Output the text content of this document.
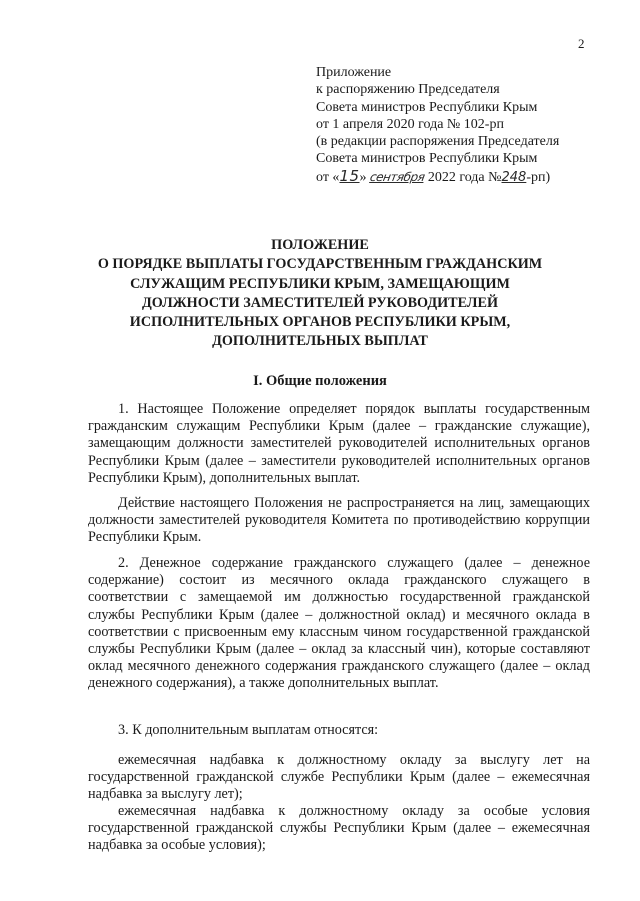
2
Приложение
к распоряжению Председателя
Совета министров Республики Крым
от 1 апреля 2020 года № 102-рп
(в редакции распоряжения Председателя
Совета министров Республики Крым
от «15» сентября 2022 года №248-рп)
ПОЛОЖЕНИЕ
О ПОРЯДКЕ ВЫПЛАТЫ ГОСУДАРСТВЕННЫМ ГРАЖДАНСКИМ
СЛУЖАЩИМ РЕСПУБЛИКИ КРЫМ, ЗАМЕЩАЮЩИМ
ДОЛЖНОСТИ ЗАМЕСТИТЕЛЕЙ РУКОВОДИТЕЛЕЙ
ИСПОЛНИТЕЛЬНЫХ ОРГАНОВ РЕСПУБЛИКИ КРЫМ,
ДОПОЛНИТЕЛЬНЫХ ВЫПЛАТ
I. Общие положения
1. Настоящее Положение определяет порядок выплаты государственным гражданским служащим Республики Крым (далее – гражданские служащие), замещающим должности заместителей руководителей исполнительных органов Республики Крым (далее – заместители руководителей исполнительных органов Республики Крым), дополнительных выплат.
Действие настоящего Положения не распространяется на лиц, замещающих должности заместителей руководителя Комитета по противодействию коррупции Республики Крым.
2. Денежное содержание гражданского служащего (далее – денежное содержание) состоит из месячного оклада гражданского служащего в соответствии с замещаемой им должностью государственной гражданской службы Республики Крым (далее – должностной оклад) и месячного оклада в соответствии с присвоенным ему классным чином государственной гражданской службы Республики Крым (далее – оклад за классный чин), которые составляют оклад месячного денежного содержания гражданского служащего (далее – оклад денежного содержания), а также дополнительных выплат.
3. К дополнительным выплатам относятся:
ежемесячная надбавка к должностному окладу за выслугу лет на государственной гражданской службе Республики Крым (далее – ежемесячная надбавка за выслугу лет);
ежемесячная надбавка к должностному окладу за особые условия государственной гражданской службы Республики Крым (далее – ежемесячная надбавка за особые условия);
